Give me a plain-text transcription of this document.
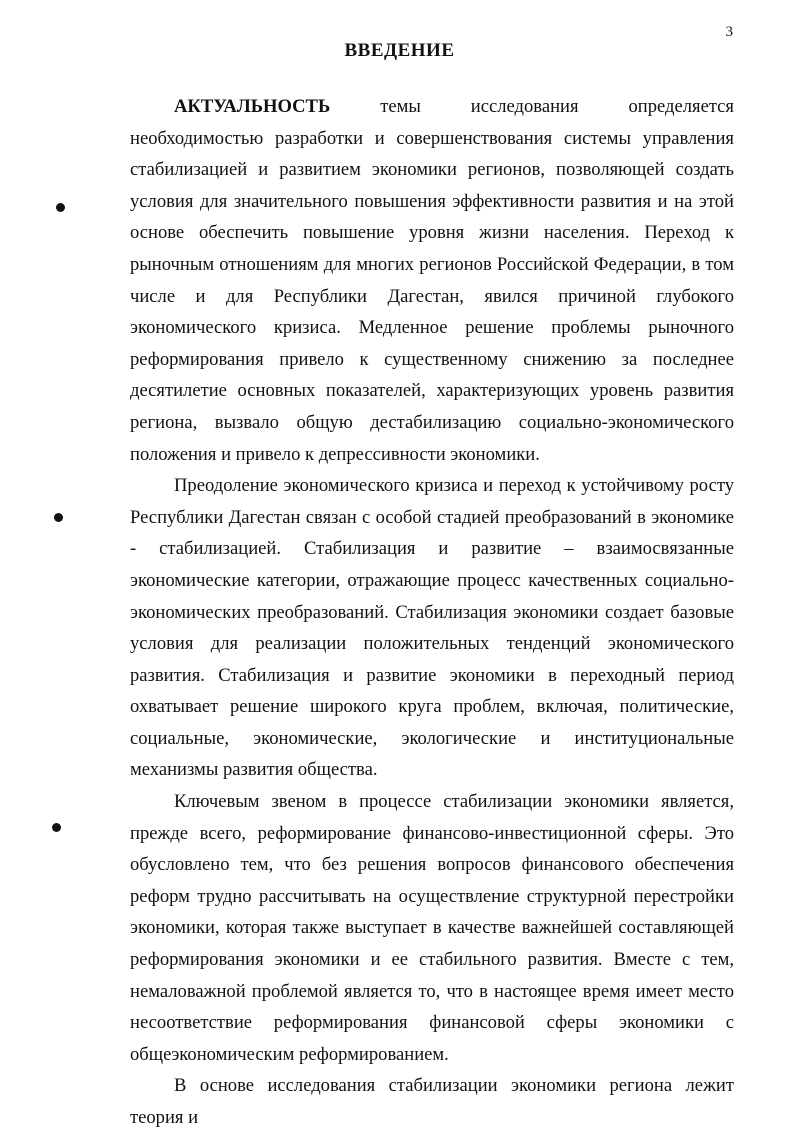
3
ВВЕДЕНИЕ

АКТУАЛЬНОСТЬ темы исследования определяется необходимостью разработки и совершенствования системы управления стабилизацией и развитием экономики регионов, позволяющей создать условия для значительного повышения эффективности развития и на этой основе обеспечить повышение уровня жизни населения. Переход к рыночным отношениям для многих регионов Российской Федерации, в том числе и для Республики Дагестан, явился причиной глубокого экономического кризиса. Медленное решение проблемы рыночного реформирования привело к существенному снижению за последнее десятилетие основных показателей, характеризующих уровень развития региона, вызвало общую дестабилизацию социально-экономического положения и привело к депрессивности экономики.

Преодоление экономического кризиса и переход к устойчивому росту Республики Дагестан связан с особой стадией преобразований в экономике - стабилизацией. Стабилизация и развитие – взаимосвязанные экономические категории, отражающие процесс качественных социально-экономических преобразований. Стабилизация экономики создает базовые условия для реализации положительных тенденций экономического развития. Стабилизация и развитие экономики в переходный период охватывает решение широкого круга проблем, включая, политические, социальные, экономические, экологические и институциональные механизмы развития общества.

Ключевым звеном в процессе стабилизации экономики является, прежде всего, реформирование финансово-инвестиционной сферы. Это обусловлено тем, что без решения вопросов финансового обеспечения реформ трудно рассчитывать на осуществление структурной перестройки экономики, которая также выступает в качестве важнейшей составляющей реформирования экономики и ее стабильного развития. Вместе с тем, немаловажной проблемой является то, что в настоящее время имеет место несоответствие реформирования финансовой сферы экономики с общеэкономическим реформированием.

В основе исследования стабилизации экономики региона лежит теория и
